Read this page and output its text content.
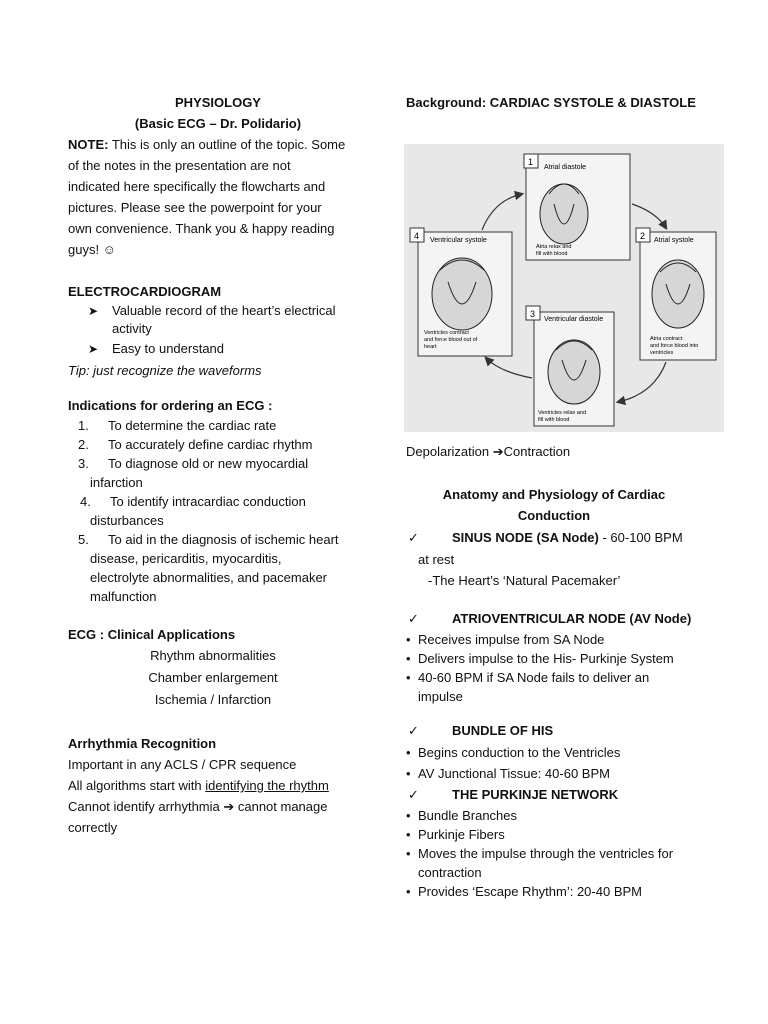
PHYSIOLOGY

(Basic ECG – Dr. Polidario)

NOTE: This is only an outline of the topic. Some

of the notes in the presentation are not

indicated here specifically the flowcharts and

pictures. Please see the powerpoint for your

own convenience. Thank you & happy reading

guys! ☺

ELECTROCARDIOGRAM

➤	Valuable record of the heart’s electrical
activity
➤	Easy to understand

Tip: just recognize the waveforms

Indications for ordering an ECG :

1.	To determine the cardiac rate
2.	To accurately define cardiac rhythm
3.	To diagnose old or new myocardial
infarction
4.	To identify intracardiac conduction
disturbances
5.	To aid in the diagnosis of ischemic heart
disease, pericarditis, myocarditis,
electrolyte abnormalities, and pacemaker
malfunction

ECG : Clinical Applications

Rhythm abnormalities

Chamber enlargement

Ischemia / Infarction

Arrhythmia Recognition

Important in any ACLS / CPR sequence

All algorithms start with identifying the rhythm

Cannot identify arrhythmia ➔ cannot manage

correctly

Background: CARDIAC SYSTOLE & DIASTOLE

1
Atrial diastole
Atria relax and
fill with blood
2 Atrial systole
Atria contract
and force blood into
ventricles
3
Ventricular diastole
Ventricles relax and
fill with blood
4 Ventricular systole
Ventricles contract
and force blood out of
heart

Depolarization ➔Contraction

Anatomy and Physiology of Cardiac

Conduction

✓	SINUS NODE (SA Node) - 60-100 BPM

at rest

-The Heart’s ‘Natural Pacemaker’

✓	ATRIOVENTRICULAR NODE (AV Node)
• Receives impulse from SA Node
• Delivers impulse to the His- Purkinje System
• 40-60 BPM if SA Node fails to deliver an
impulse
✓	BUNDLE OF HIS
• Begins conduction to the Ventricles
• AV Junctional Tissue: 40-60 BPM
✓	THE PURKINJE NETWORK
• Bundle Branches
• Purkinje Fibers
• Moves the impulse through the ventricles for
contraction
• Provides ‘Escape Rhythm’: 20-40 BPM
